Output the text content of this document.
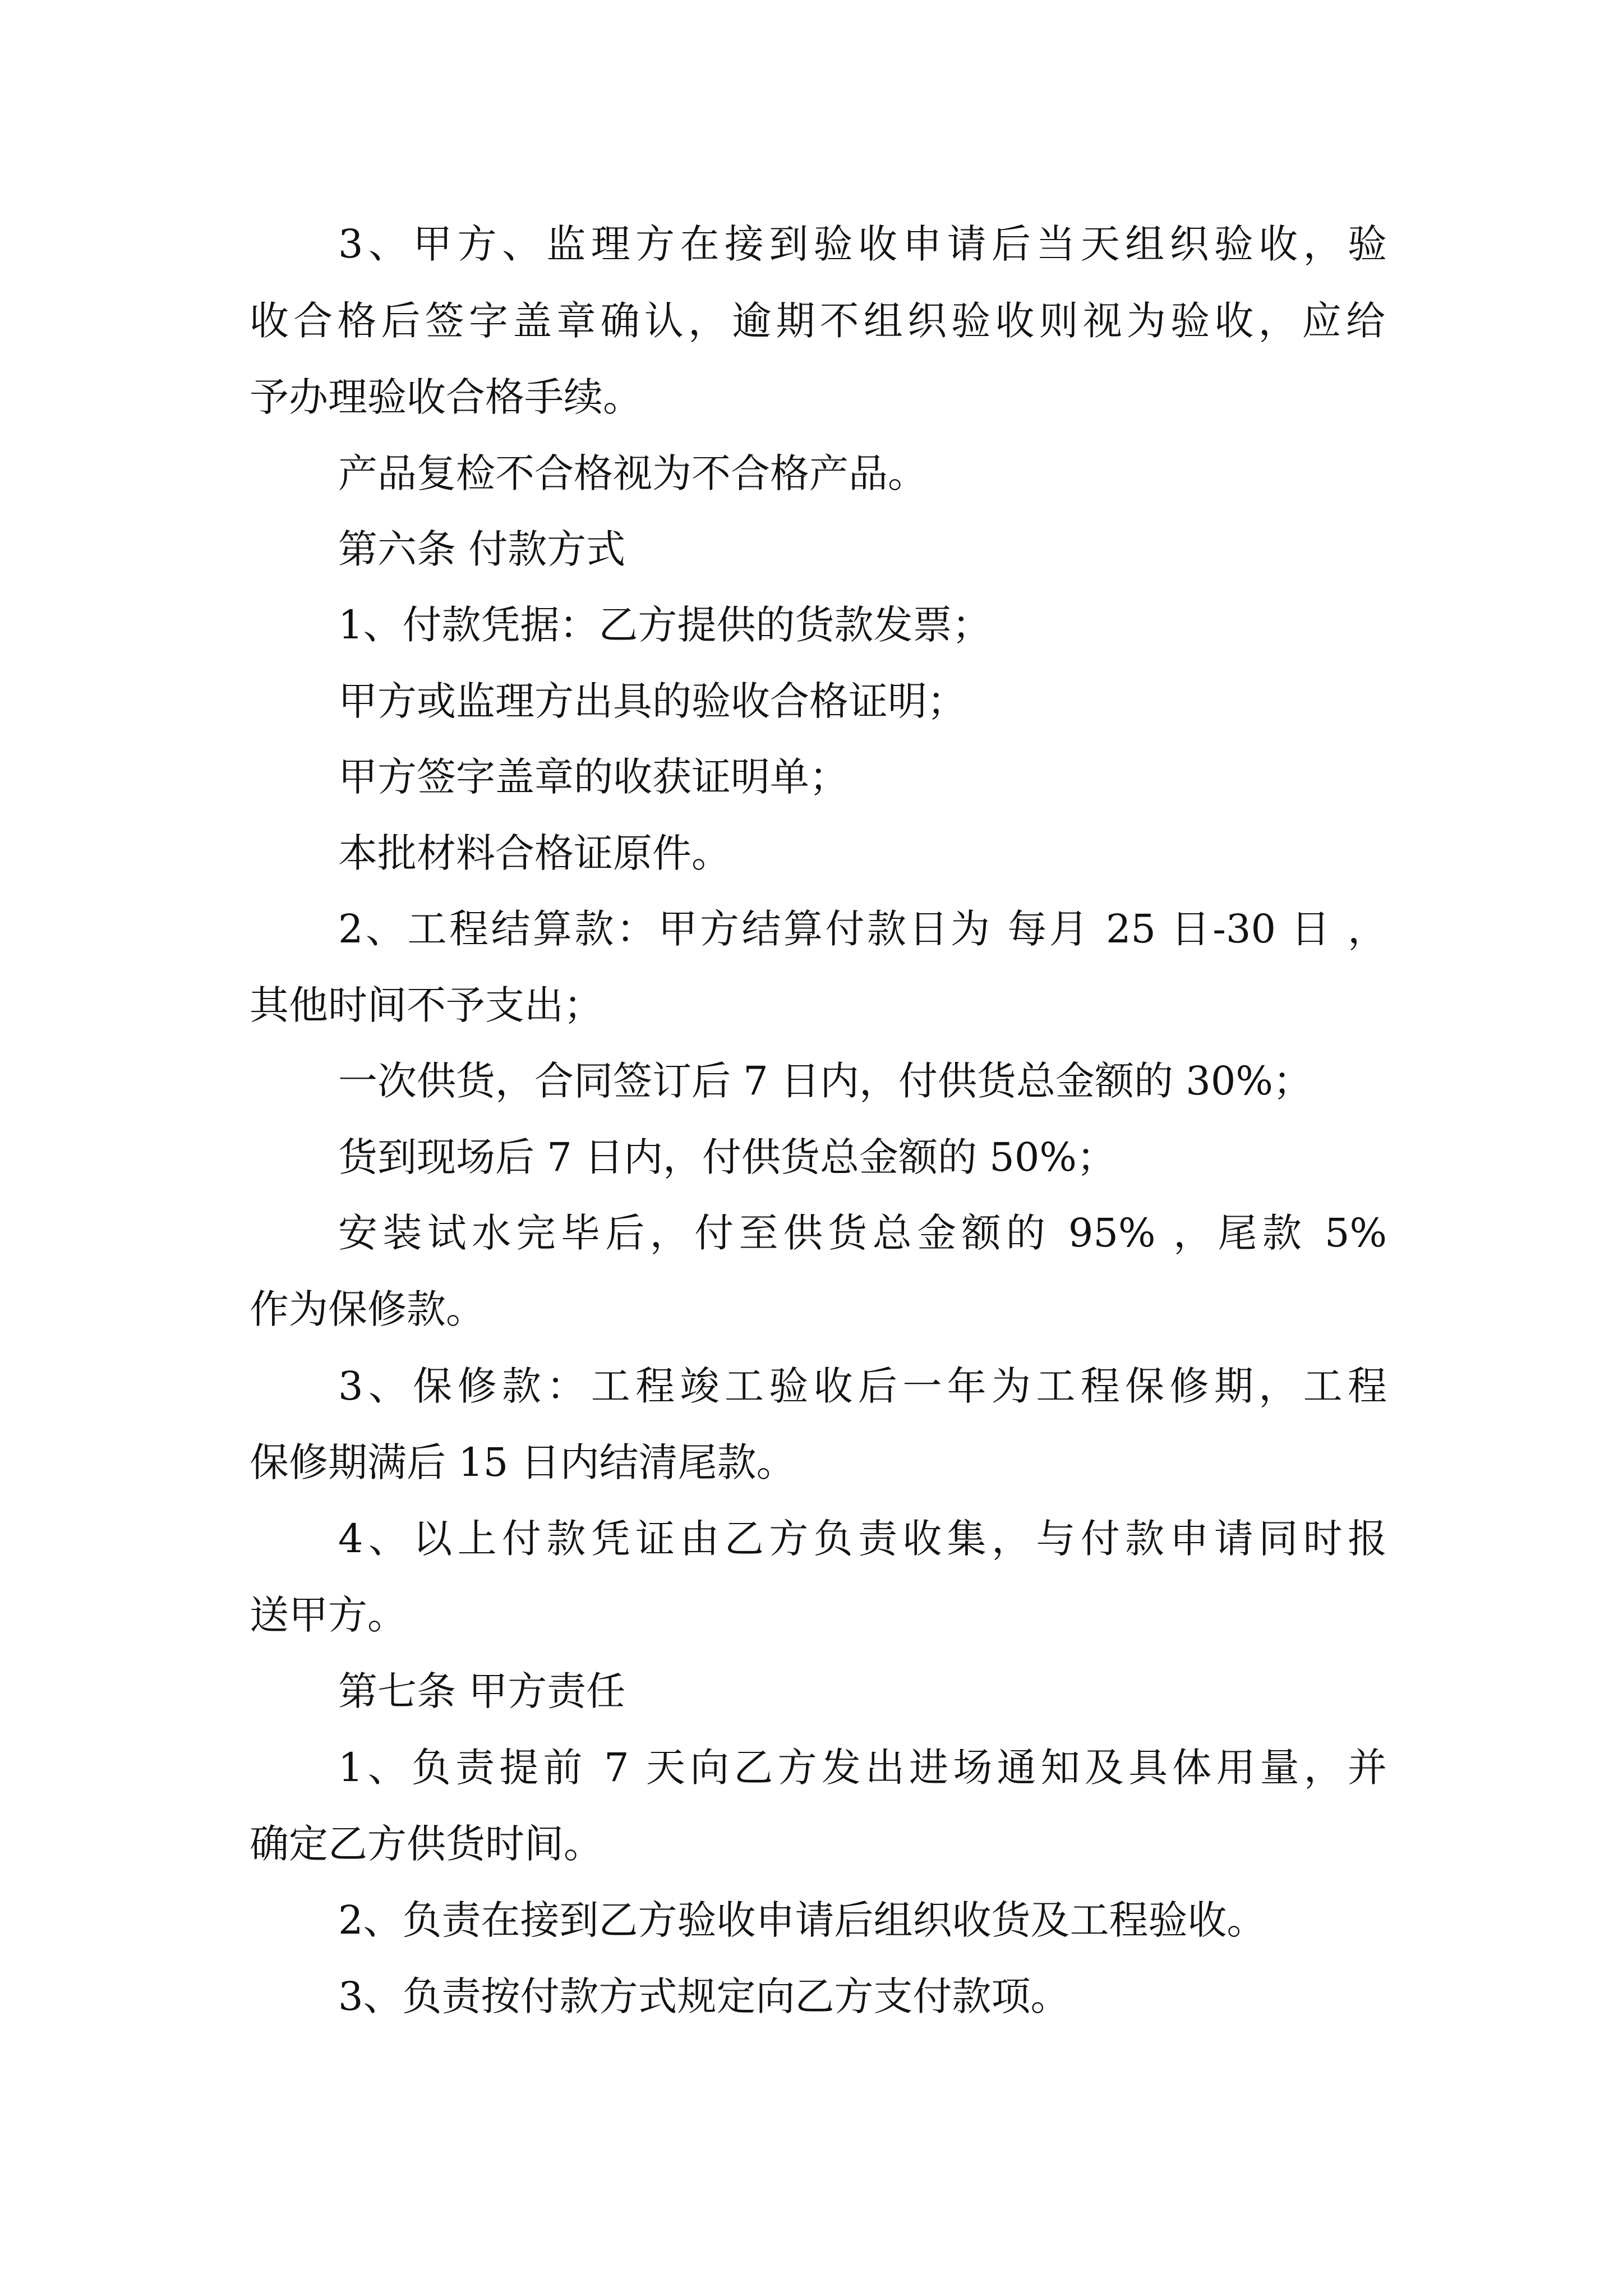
3、甲方、监理方在接到验收申请后当天组织验收，验
收合格后签字盖章确认，逾期不组织验收则视为验收，应给
予办理验收合格手续。
产品复检不合格视为不合格产品。
第六条 付款方式
1、付款凭据：乙方提供的货款发票；
甲方或监理方出具的验收合格证明；
甲方签字盖章的收获证明单；
本批材料合格证原件。
2、工程结算款：甲方结算付款日为 每月 25 日-30 日 ，
其他时间不予支出；
一次供货，合同签订后 7 日内，付供货总金额的 30%；
货到现场后 7 日内，付供货总金额的 50%；
安装试水完毕后，付至供货总金额的 95% ，尾款 5%
作为保修款。
3、保修款：工程竣工验收后一年为工程保修期，工程
保修期满后 15 日内结清尾款。
4、以上付款凭证由乙方负责收集，与付款申请同时报
送甲方。
第七条 甲方责任
1、负责提前 7 天向乙方发出进场通知及具体用量，并
确定乙方供货时间。
2、负责在接到乙方验收申请后组织收货及工程验收。
3、负责按付款方式规定向乙方支付款项。
